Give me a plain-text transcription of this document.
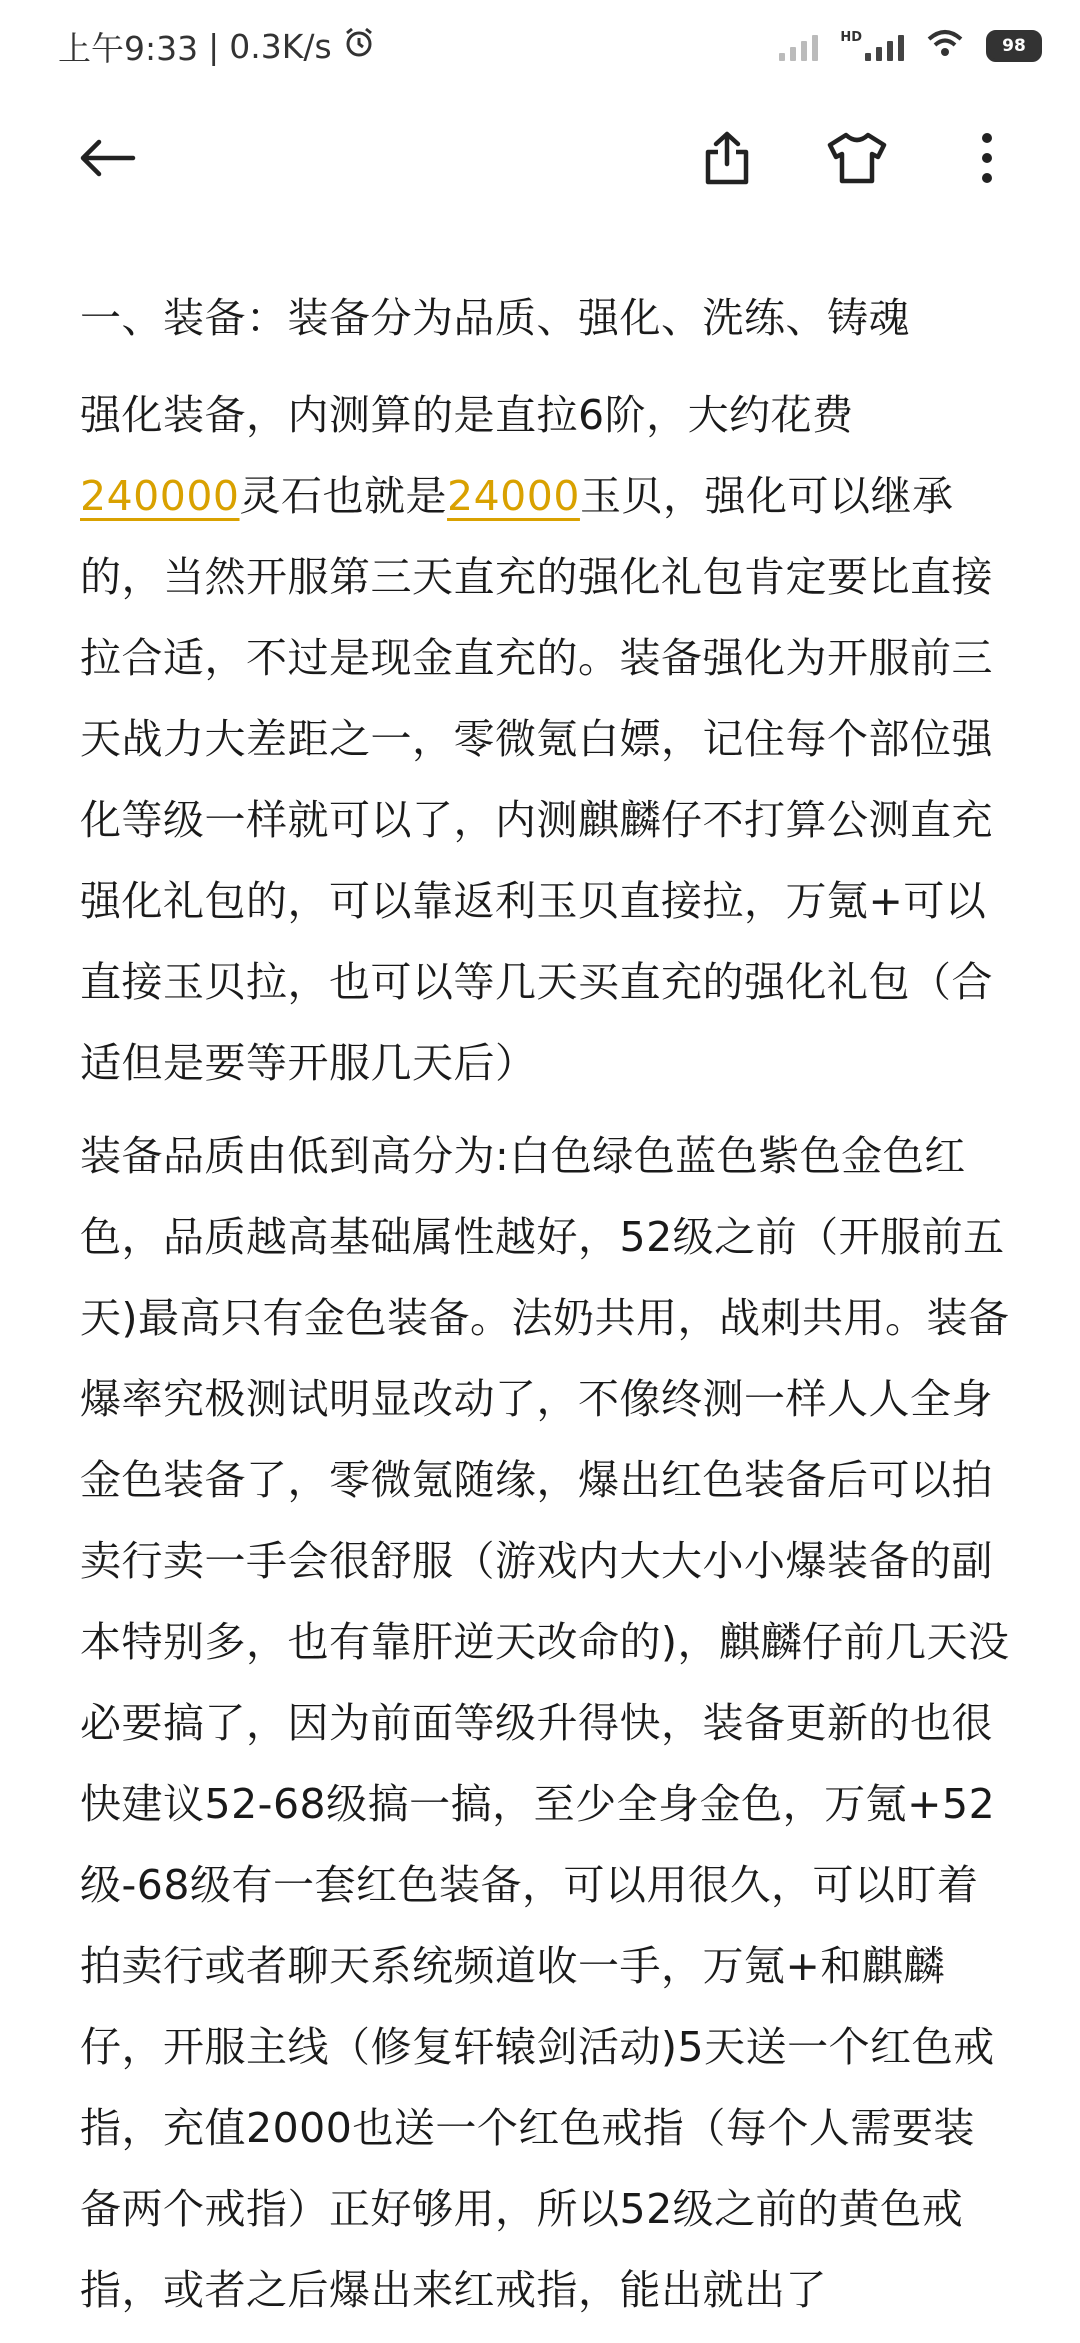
上午9:33 | 0.3K/s	HD	98

一、装备：装备分为品质、强化、洗练、铸魂

强化装备，内测算的是直拉6阶，大约花费240000灵石也就是24000玉贝，强化可以继承的，当然开服第三天直充的强化礼包肯定要比直接拉合适，不过是现金直充的。装备强化为开服前三天战力大差距之一，零微氪白嫖，记住每个部位强化等级一样就可以了，内测麒麟仔不打算公测直充强化礼包的，可以靠返利玉贝直接拉，万氪+可以直接玉贝拉，也可以等几天买直充的强化礼包（合适但是要等开服几天后）

装备品质由低到高分为:白色绿色蓝色紫色金色红色，品质越高基础属性越好，52级之前（开服前五天)最高只有金色装备。法奶共用，战刺共用。装备爆率究极测试明显改动了，不像终测一样人人全身金色装备了，零微氪随缘，爆出红色装备后可以拍卖行卖一手会很舒服（游戏内大大小小爆装备的副本特别多，也有靠肝逆天改命的)，麒麟仔前几天没必要搞了，因为前面等级升得快，装备更新的也很快建议52-68级搞一搞，至少全身金色，万氪+52级-68级有一套红色装备，可以用很久，可以盯着拍卖行或者聊天系统频道收一手，万氪+和麒麟仔，开服主线（修复轩辕剑活动)5天送一个红色戒指，充值2000也送一个红色戒指（每个人需要装备两个戒指）正好够用，所以52级之前的黄色戒指，或者之后爆出来红戒指，能出就出了
